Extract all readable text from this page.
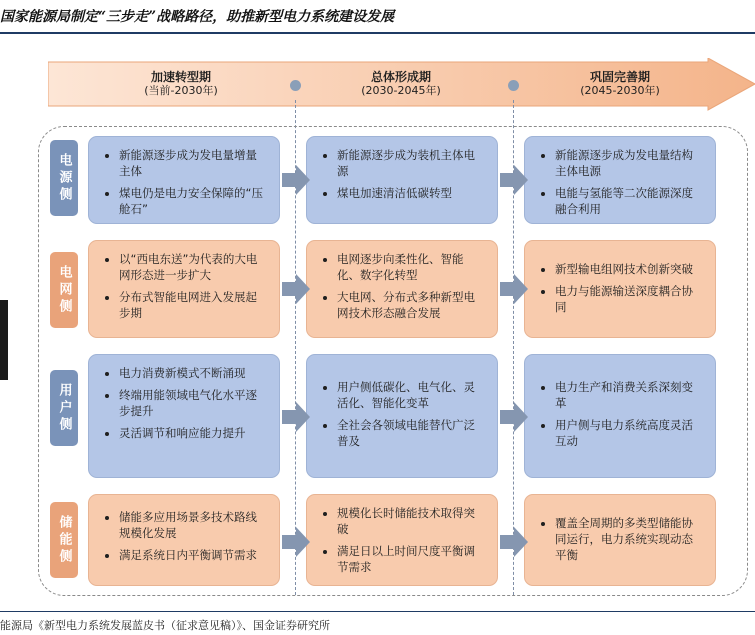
国家能源局制定“三步走”战略路径，助推新型电力系统建设发展
加速转型期
(当前-2030年)
总体形成期
(2030-2045年)
巩固完善期
(2045-2030年)
电源侧	• 新能源逐步成为发电量增量主体
• 煤电仍是电力安全保障的“压舱石”
• 新能源逐步成为装机主体电源
• 煤电加速清洁低碳转型
• 新能源逐步成为发电量结构主体电源
• 电能与氢能等二次能源深度融合利用
电网侧
• 以“西电东送”为代表的大电网形态进一步扩大
• 分布式智能电网进入发展起步期
• 电网逐步向柔性化、智能化、数字化转型
• 大电网、分布式多种新型电网技术形态融合发展
• 新型输电组网技术创新突破
• 电力与能源输送深度耦合协同
用户侧
• 电力消费新模式不断涌现
• 终端用能领域电气化水平逐步提升
• 灵活调节和响应能力提升
• 用户侧低碳化、电气化、灵活化、智能化变革
• 全社会各领域电能替代广泛普及
• 电力生产和消费关系深刻变革
• 用户侧与电力系统高度灵活互动
储能侧	• 储能多应用场景多技术路线规模化发展
• 满足系统日内平衡调节需求
• 规模化长时储能技术取得突破
• 满足日以上时间尺度平衡调节需求
• 覆盖全周期的多类型储能协同运行，电力系统实现动态平衡
能源局《新型电力系统发展蓝皮书（征求意见稿）》、国金证券研究所
